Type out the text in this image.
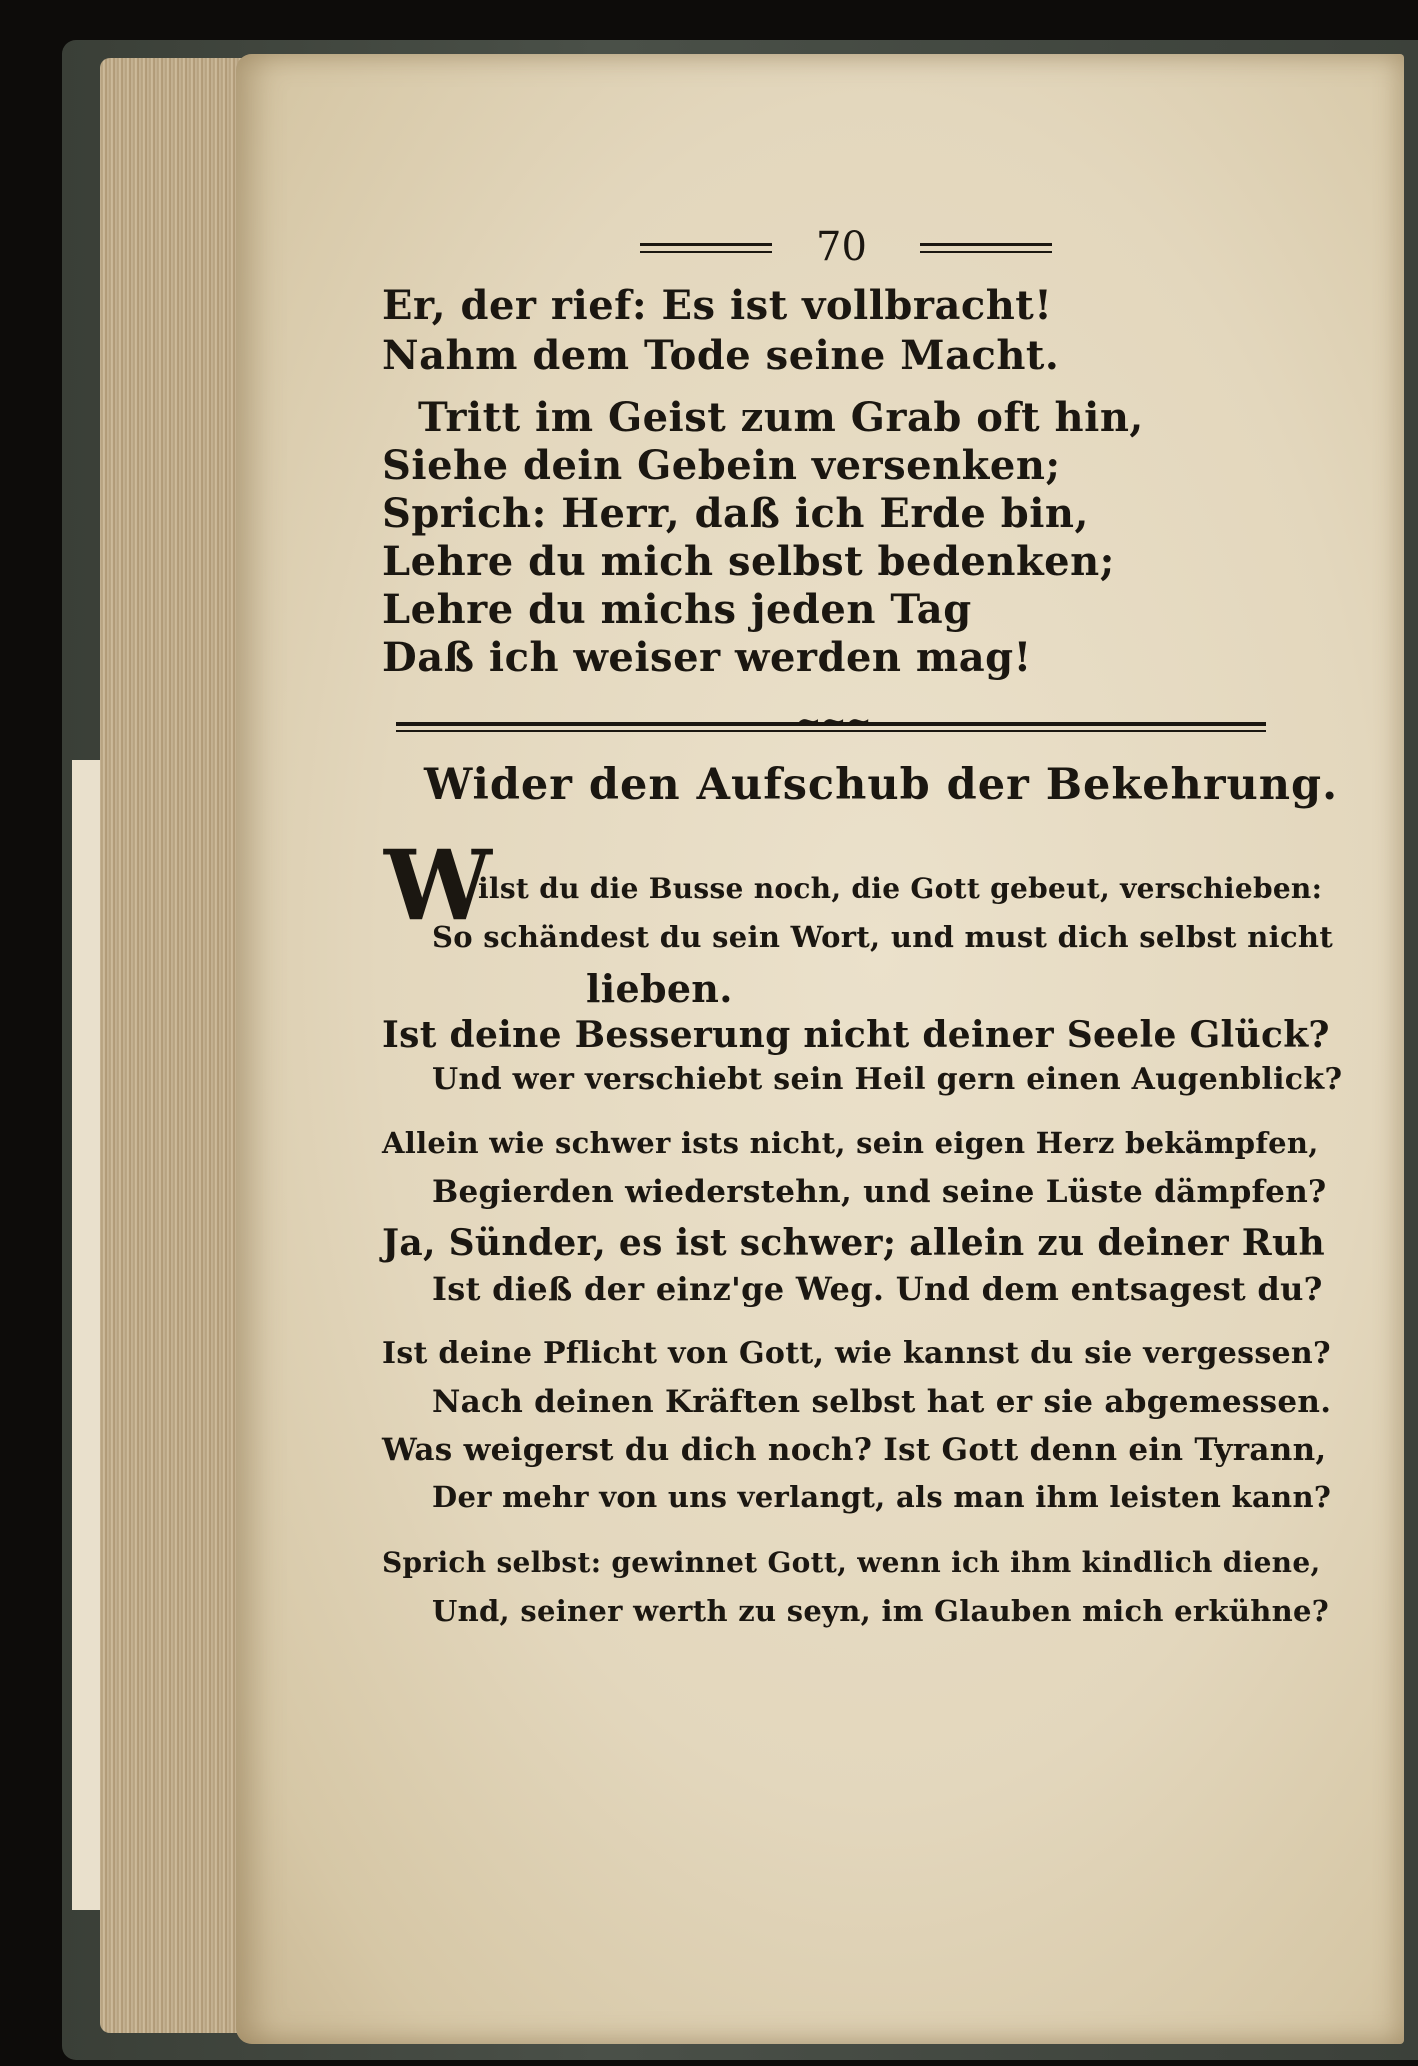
70
Er, der rief: Es ist vollbracht!
Nahm dem Tode seine Macht.
Tritt im Geist zum Grab oft hin,
Siehe dein Gebein versenken;
Sprich: Herr, daß ich Erde bin,
Lehre du mich selbst bedenken;
Lehre du michs jeden Tag
Daß ich weiser werden mag!
~~~
Wider den Aufschub der Bekehrung.
W
ilst du die Busse noch, die Gott gebeut, verschieben:
So schändest du sein Wort, und must dich selbst nicht
lieben.
Ist deine Besserung nicht deiner Seele Glück?
Und wer verschiebt sein Heil gern einen Augenblick?
Allein wie schwer ists nicht, sein eigen Herz bekämpfen,
Begierden wiederstehn, und seine Lüste dämpfen?
Ja, Sünder, es ist schwer; allein zu deiner Ruh
Ist dieß der einz'ge Weg. Und dem entsagest du?
Ist deine Pflicht von Gott, wie kannst du sie vergessen?
Nach deinen Kräften selbst hat er sie abgemessen.
Was weigerst du dich noch? Ist Gott denn ein Tyrann,
Der mehr von uns verlangt, als man ihm leisten kann?
Sprich selbst: gewinnet Gott, wenn ich ihm kindlich diene,
Und, seiner werth zu seyn, im Glauben mich erkühne?
